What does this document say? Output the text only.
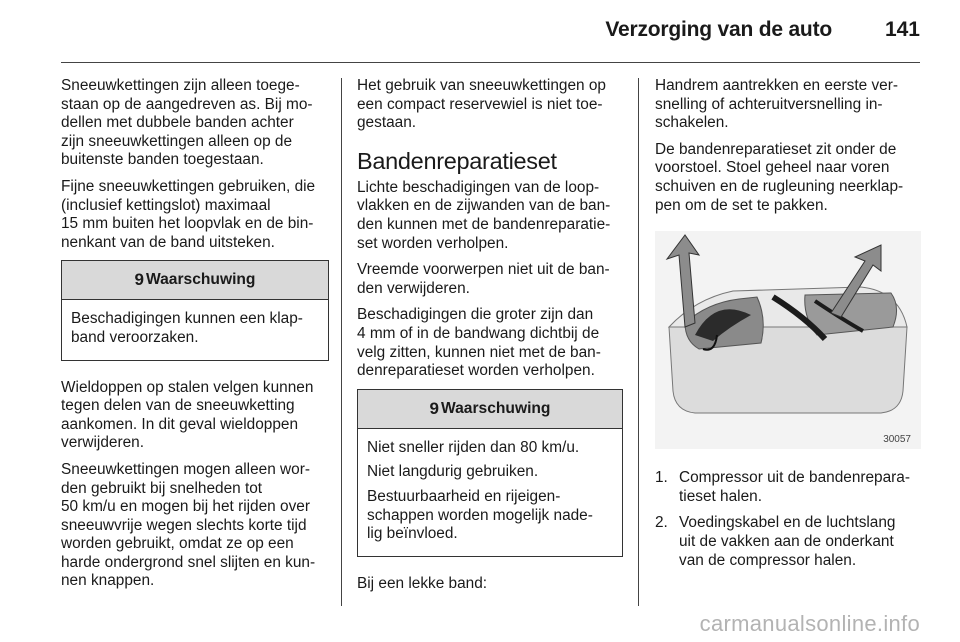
Verzorging van de auto	141

Sneeuwkettingen zijn alleen toege-
staan op de aangedreven as. Bij mo-
dellen met dubbele banden achter
zijn sneeuwkettingen alleen op de
buitenste banden toegestaan.

Fijne sneeuwkettingen gebruiken, die
(inclusief kettingslot) maximaal
15 mm buiten het loopvlak en de bin-
nenkant van de band uitsteken.

9 Waarschuwing

Beschadigingen kunnen een klap-
band veroorzaken.

Wieldoppen op stalen velgen kunnen
tegen delen van de sneeuwketting
aankomen. In dit geval wieldoppen
verwijderen.

Sneeuwkettingen mogen alleen wor-
den gebruikt bij snelheden tot
50 km/u en mogen bij het rijden over
sneeuwvrije wegen slechts korte tijd
worden gebruikt, omdat ze op een
harde ondergrond snel slijten en kun-
nen knappen.

Het gebruik van sneeuwkettingen op
een compact reservewiel is niet toe-
gestaan.

Bandenreparatieset

Lichte beschadigingen van de loop-
vlakken en de zijwanden van de ban-
den kunnen met de bandenreparatie-
set worden verholpen.

Vreemde voorwerpen niet uit de ban-
den verwijderen.

Beschadigingen die groter zijn dan
4 mm of in de bandwang dichtbij de
velg zitten, kunnen niet met de ban-
denreparatieset worden verholpen.

9 Waarschuwing

Niet sneller rijden dan 80 km/u.

Niet langdurig gebruiken.

Bestuurbaarheid en rijeigen-
schappen worden mogelijk nade-
lig beïnvloed.

Bij een lekke band:

Handrem aantrekken en eerste ver-
snelling of achteruitversnelling in-
schakelen.

De bandenreparatieset zit onder de
voorstoel. Stoel geheel naar voren
schuiven en de rugleuning neerklap-
pen om de set te pakken.

30057
1. Compressor uit de bandenrepara-
tieset halen.
2. Voedingskabel en de luchtslang
uit de vakken aan de onderkant
van de compressor halen.
carmanualsonline.info
